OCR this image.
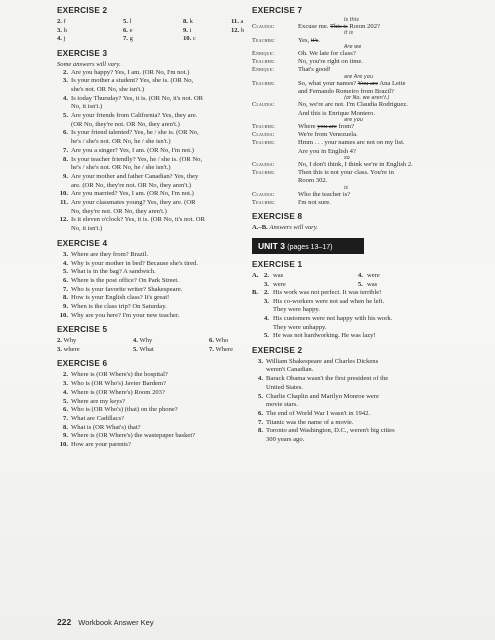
EXERCISE 2
2. f	5. l	8. k	11. a
3. h	6. e	9. i	12. b
4. j	7. g	10. c
EXERCISE 3
Some answers will vary.
2. Are you happy? Yes, I am. (OR No, I'm not.)
3. Is your mother a student? Yes, she is. (OR No,
she's not. OR No, she isn't.)
4. Is today Thursday? Yes, it is. (OR No, it's not. OR
No, it isn't.)
5. Are your friends from California? Yes, they are.
(OR No, they're not. OR No, they aren't.)
6. Is your friend talented? Yes, he / she is. (OR No,
he's / she's not. OR No, he / she isn't.)
7. Are you a singer? Yes, I am. (OR No, I'm not.)
8. Is your teacher friendly? Yes, he / she is. (OR No,
he's / she's not. OR No, he / she isn't.)
9. Are your mother and father Canadian? Yes, they
are. (OR No, they're not. OR No, they aren't.)
10. Are you married? Yes, I am. (OR No, I'm not.)
11. Are your classmates young? Yes, they are. (OR
No, they're not. OR No, they aren't.)
12. Is it eleven o'clock? Yes, it is. (OR No, it's not. OR
No, it isn't.)
EXERCISE 4
3. Where are they from? Brazil.
4. Why is your mother in bed? Because she's tired.
5. What is in the bag? A sandwich.
6. Where is the post office? On Park Street.
7. Who is your favorite writer? Shakespeare.
8. How is your English class? It's great!
9. When is the class trip? On Saturday.
10. Why are you here? I'm your new teacher.
EXERCISE 5
2. Why	4. Why	6. Who
3. where	5. What	7. Where
EXERCISE 6
2. Where is (OR Where's) the hospital?
3. Who is (OR Who's) Javier Bardem?
4. Where is (OR Where's) Room 203?
5. Where are my keys?
6. Who is (OR Who's) (that) on the phone?
7. What are Cadillacs?
8. What is (OR What's) that?
9. Where is (OR Where's) the wastepaper basket?
10. How are your parents?
EXERCISE 7
Is this
Claudia:	Excuse me. This is Room 202?
it is
Teacher:	Yes, it's.
Are we
Enrique:	Oh. We late for class?
Teacher:	No, you're right on time.
Enrique:	That's good!
are Are you
Teacher:	So, what your names? You are Ana Leite
and Fernando Romeiro from Brazil?
(or No, we aren't.)
Claudia:	No, we're are not. I'm Claudia Rodriguez.
And this is Enrique Montero.
are you
Teacher:	Where you are from?
Claudia:	We're from Venezuela.
Teacher:	Hmm . . . your names are not on my list.
Are you in English 4?
so
Claudia:	No, I don't think, I think we're in English 2.
Teacher:	Then this is not your class. You're in
Room 302.
is
Claudia:	Who the teacher is?
Teacher:	I'm not sure.
EXERCISE 8
A.–B. Answers will vary.
UNIT 3 (pages 13–17)
EXERCISE 1
A. 2. was	4. were
3. were	5. was
B. 2. His work was not perfect. It was terrible!
3. His co-workers were not sad when he left.
They were happy.
4. His customers were not happy with his work.
They were unhappy.
5. He was not hardworking. He was lazy!
EXERCISE 2
3. William Shakespeare and Charles Dickens
weren't Canadian.
4. Barack Obama wasn't the first president of the
United States.
5. Charlie Chaplin and Marilyn Monroe were
movie stars.
6. The end of World War I wasn't in 1942.
7. Titanic was the name of a movie.
8. Toronto and Washington, D.C., weren't big cities
300 years ago.
222 Workbook Answer Key
